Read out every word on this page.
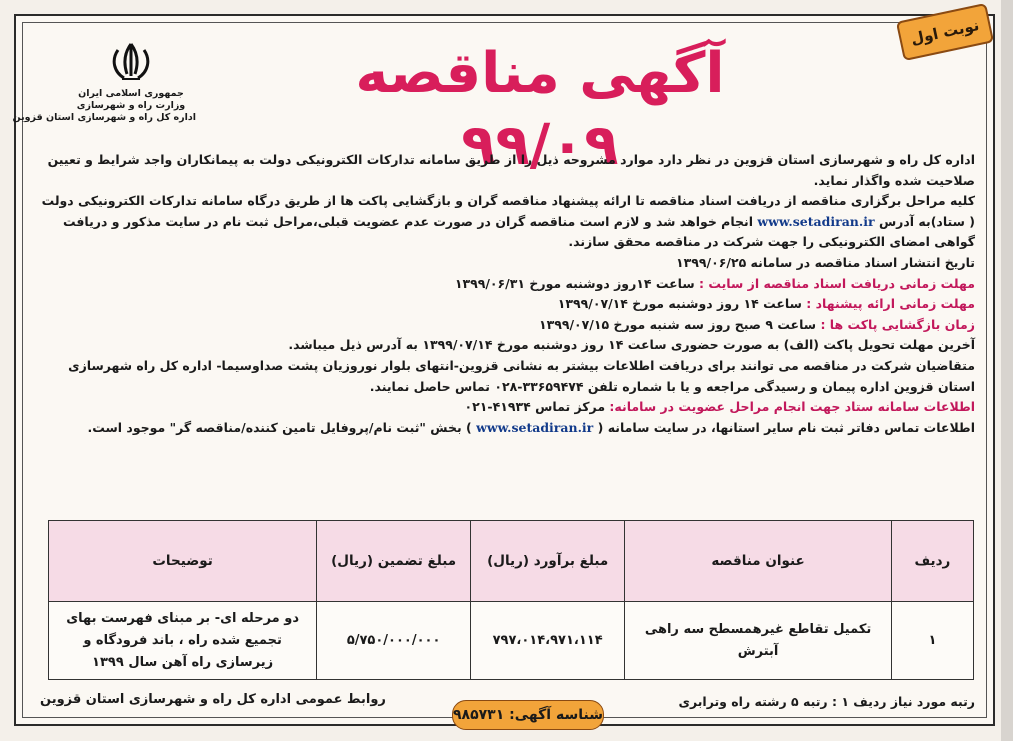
نوبت اول
آگهی مناقصه ۹۹/۰۹
جمهوری اسلامی ایران
وزارت راه و شهرسازی
اداره کل راه و شهرسازی استان قزوین

اداره کل راه و شهرسازی استان قزوین در نظر دارد موارد مشروحه ذیل را از طریق سامانه تدارکات الکترونیکی دولت به پیمانکاران واجد شرایط و تعیین صلاحیت شده واگذار نماید.

کلیه مراحل برگزاری مناقصه از دریافت اسناد مناقصه تا ارائه پیشنهاد مناقصه گران و بازگشایی پاکت ها از طریق درگاه سامانه تدارکات الکترونیکی دولت ( ستاد)به آدرس www.setadiran.ir انجام خواهد شد و لازم است مناقصه گران در صورت عدم عضویت قبلی،مراحل ثبت نام در سایت مذکور و دریافت گواهی امضای الکترونیکی را جهت شرکت در مناقصه محقق سازند.

تاریخ انتشار اسناد مناقصه در سامانه ۱۳۹۹/۰۶/۲۵

مهلت زمانی دریافت اسناد مناقصه از سایت : ساعت ۱۴روز دوشنبه مورخ ۱۳۹۹/۰۶/۳۱

مهلت زمانی ارائه پیشنهاد : ساعت ۱۴ روز دوشنبه مورخ ۱۳۹۹/۰۷/۱۴

زمان بازگشایی پاکت ها : ساعت ۹ صبح روز سه شنبه مورخ ۱۳۹۹/۰۷/۱۵

آخرین مهلت تحویل پاکت (الف) به صورت حضوری ساعت ۱۴ روز دوشنبه مورخ ۱۳۹۹/۰۷/۱۴ به آدرس ذیل میباشد.

متقاضیان شرکت در مناقصه می توانند برای دریافت اطلاعات بیشتر به نشانی قزوین-انتهای بلوار نوروزیان پشت صداوسیما- اداره کل راه شهرسازی استان قزوین اداره پیمان و رسیدگی مراجعه و یا با شماره تلفن ۳۳۶۵۹۴۷۴-۰۲۸ تماس حاصل نمایند.

اطلاعات سامانه ستاد جهت انجام مراحل عضویت در سامانه: مرکز تماس ۴۱۹۳۴-۰۲۱

اطلاعات تماس دفاتر ثبت نام سایر استانها، در سایت سامانه ( www.setadiran.ir ) بخش "ثبت نام/پروفایل تامین کننده/مناقصه گر" موجود است.

ردیف	عنوان مناقصه	مبلغ برآورد (ریال)	مبلغ تضمین (ریال)	توضیحات
۱	تکمیل تقاطع غیرهمسطح سه راهی آبترش	۷۹۷،۰۱۴،۹۷۱،۱۱۴	۵/۷۵۰/۰۰۰/۰۰۰	دو مرحله ای- بر مبنای فهرست بهای تجمیع شده راه ، باند فرودگاه و زیرسازی راه آهن سال ۱۳۹۹
رتبه مورد نیاز ردیف ۱ : رتبه ۵ رشته راه وترابری
روابط عمومی اداره کل راه و شهرسازی استان قزوین
شناسه آگهی: ۹۸۵۷۳۱
